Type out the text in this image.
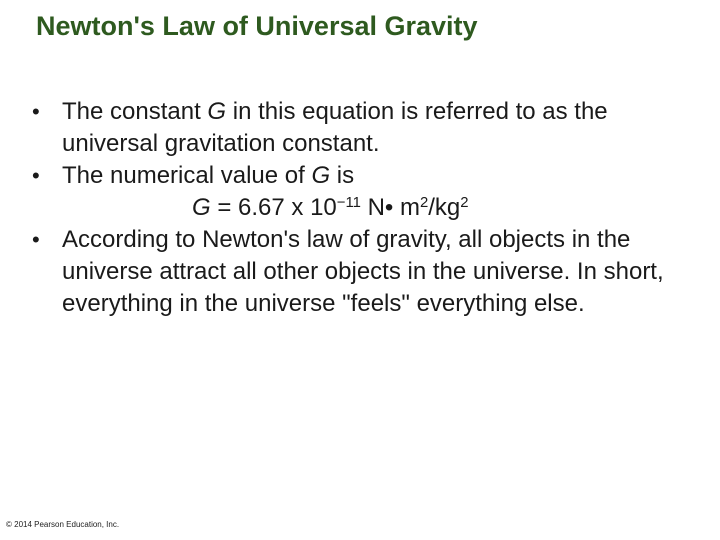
Newton's Law of Universal Gravity
• The constant G in this equation is referred to as the universal gravitation constant.
• The numerical value of G is
G = 6.67 x $10^{-11}$ N• $m^2/kg^2$
• According to Newton's law of gravity, all objects in the universe attract all other objects in the universe. In short, everything in the universe "feels" everything else.
© 2014 Pearson Education, Inc.
